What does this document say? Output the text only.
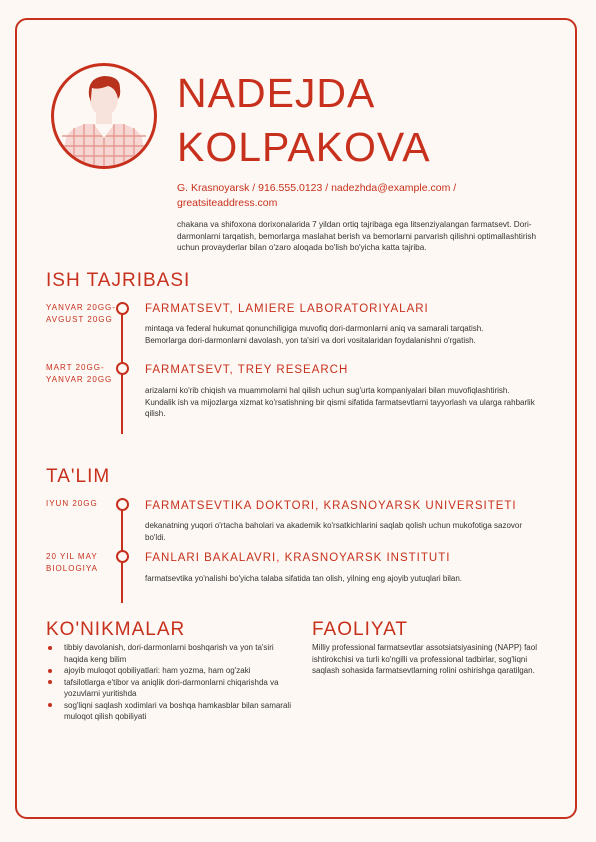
NADEJDA
KOLPAKOVA
G. Krasnoyarsk / 916.555.0123 / nadezhda@example.com /
greatsiteaddress.com
chakana va shifoxona dorixonalarida 7 yildan ortiq tajribaga ega litsenziyalangan farmatsevt. Dori-darmonlarni tarqatish, bemorlarga maslahat berish va bemorlarni parvarish qilishni optimallashtirish uchun provayderlar bilan o'zaro aloqada bo'lish bo'yicha katta tajriba.
ISH TAJRIBASI
YANVAR 20GG-AVGUST 20GG
FARMATSEVT, LAMIERE LABORATORIYALARI
mintaqa va federal hukumat qonunchiligiga muvofiq dori-darmonlarni aniq va samarali tarqatish.
Bemorlarga dori-darmonlarni davolash, yon ta'siri va dori vositalaridan foydalanishni o'rgatish.
MART 20GG-YANVAR 20GG
FARMATSEVT, TREY RESEARCH
arizalarni ko'rib chiqish va muammolarni hal qilish uchun sug'urta kompaniyalari bilan muvofiqlashtirish.
Kundalik ish va mijozlarga xizmat ko'rsatishning bir qismi sifatida farmatsevtlarni tayyorlash va ularga rahbarlik qilish.
TA'LIM
IYUN 20GG	FARMATSEVTIKA DOKTORI, KRASNOYARSK UNIVERSITETI
dekanatning yuqori o'rtacha baholari va akademik ko'rsatkichlarini saqlab qolish uchun mukofotiga sazovor bo'ldi.
20 YIL MAY BIOLOGIYA
FANLARI BAKALAVRI, KRASNOYARSK INSTITUTI
farmatsevtika yo'nalishi bo'yicha talaba sifatida tan olish, yilning eng ajoyib yutuqlari bilan.
KO'NIKMALAR
tibbiy davolanish, dori-darmonlarni boshqarish va yon ta'siri haqida keng bilim
ajoyib muloqot qobiliyatlari: ham yozma, ham og'zaki
tafsilotlarga e'tibor va aniqlik dori-darmonlarni chiqarishda va yozuvlarni yuritishda
sog'liqni saqlash xodimlari va boshqa hamkasblar bilan samarali muloqot qilish qobiliyati
FAOLIYAT
Milliy professional farmatsevtlar assotsiatsiyasining (NAPP) faol ishtirokchisi va turli ko'ngilli va professional tadbirlar, sog'liqni saqlash sohasida farmatsevtlarning rolini oshirishga qaratilgan.
